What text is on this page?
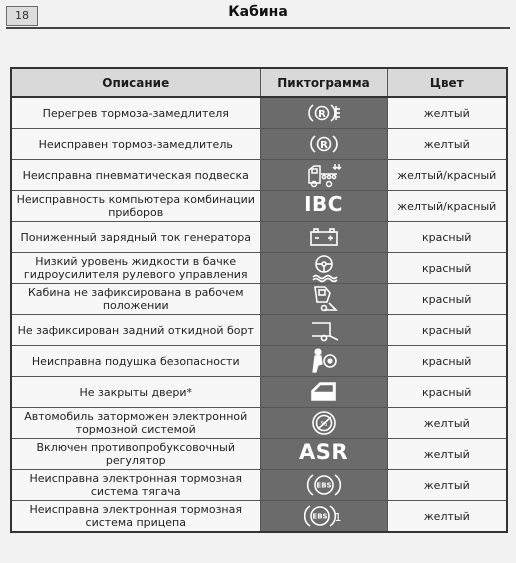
18	Кабина
Описание	Пиктограмма	Цвет
Перегрев тормоза-замедлителя	R	желтый
Неисправен тормоз-замедлитель	R	желтый
Неисправна пневматическая подвеска		желтый/красный
Неисправность компьютера комбинации приборов	IBC	желтый/красный
Пониженный зарядный ток генератора		красный
Низкий уровень жидкости в бачке гидроусилителя рулевого управления		красный
Кабина не зафиксирована в рабочем положении		красный
Не зафиксирован задний откидной борт		красный
Неисправна подушка безопасности		красный
Не закрыты двери*		красный
Автомобиль заторможен электронной тормозной системой	%	желтый
Включен противопробуксовочный регулятор	ASR	желтый
Неисправна электронная тормозная система тягача	EBS	желтый
Неисправна электронная тормозная система прицепа	EBS 1	желтый
